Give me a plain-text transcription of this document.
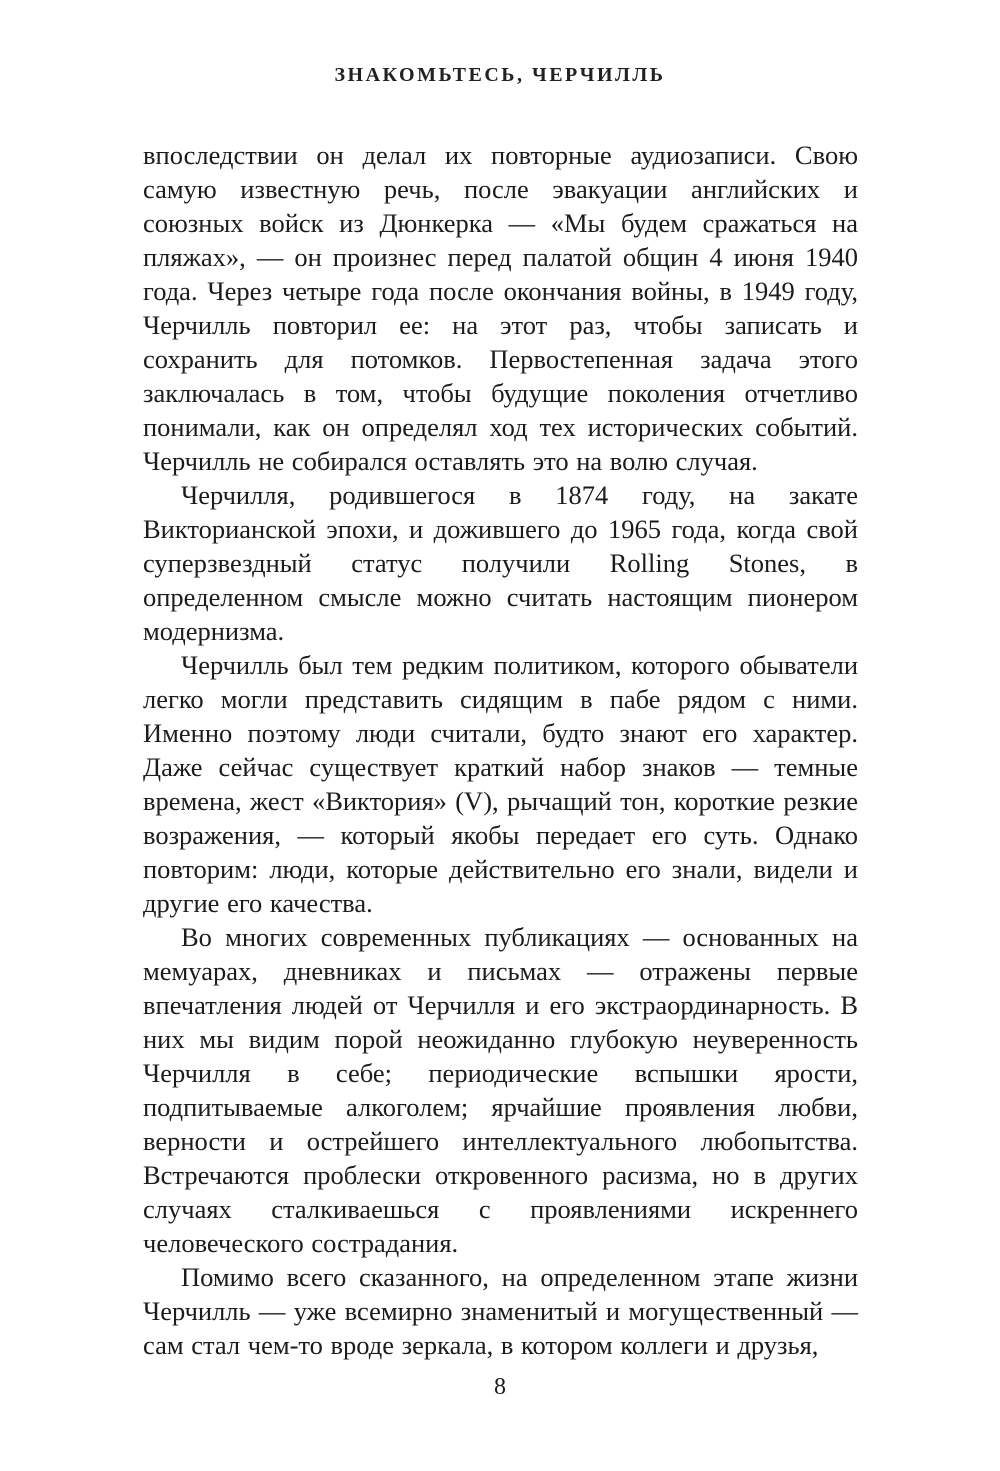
ЗНАКОМЬТЕСЬ, ЧЕРЧИЛЛЬ

впоследствии он делал их повторные аудиозаписи. Свою самую известную речь, после эвакуации английских и союзных войск из Дюнкерка — «Мы будем сражаться на пляжах», — он произнес перед палатой общин 4 июня 1940 года. Через четыре года после окончания войны, в 1949 году, Черчилль повторил ее: на этот раз, чтобы записать и сохранить для потомков. Первостепенная задача этого заключалась в том, чтобы будущие поколения отчетливо понимали, как он определял ход тех исторических событий. Черчилль не собирался оставлять это на волю случая.

Черчилля, родившегося в 1874 году, на закате Викторианской эпохи, и дожившего до 1965 года, когда свой суперзвездный статус получили Rolling Stones, в определенном смысле можно считать настоящим пионером модернизма.

Черчилль был тем редким политиком, которого обыватели легко могли представить сидящим в пабе рядом с ними. Именно поэтому люди считали, будто знают его характер. Даже сейчас существует краткий набор знаков — темные времена, жест «Виктория» (V), рычащий тон, короткие резкие возражения, — который якобы передает его суть. Однако повторим: люди, которые действительно его знали, видели и другие его качества.

Во многих современных публикациях — основанных на мемуарах, дневниках и письмах — отражены первые впечатления людей от Черчилля и его экстраординарность. В них мы видим порой неожиданно глубокую неуверенность Черчилля в себе; периодические вспышки ярости, подпитываемые алкоголем; ярчайшие проявления любви, верности и острейшего интеллектуального любопытства. Встречаются проблески откровенного расизма, но в других случаях сталкиваешься с проявлениями искреннего человеческого сострадания.

Помимо всего сказанного, на определенном этапе жизни Черчилль — уже всемирно знаменитый и могущественный — сам стал чем-то вроде зеркала, в котором коллеги и друзья,

8
